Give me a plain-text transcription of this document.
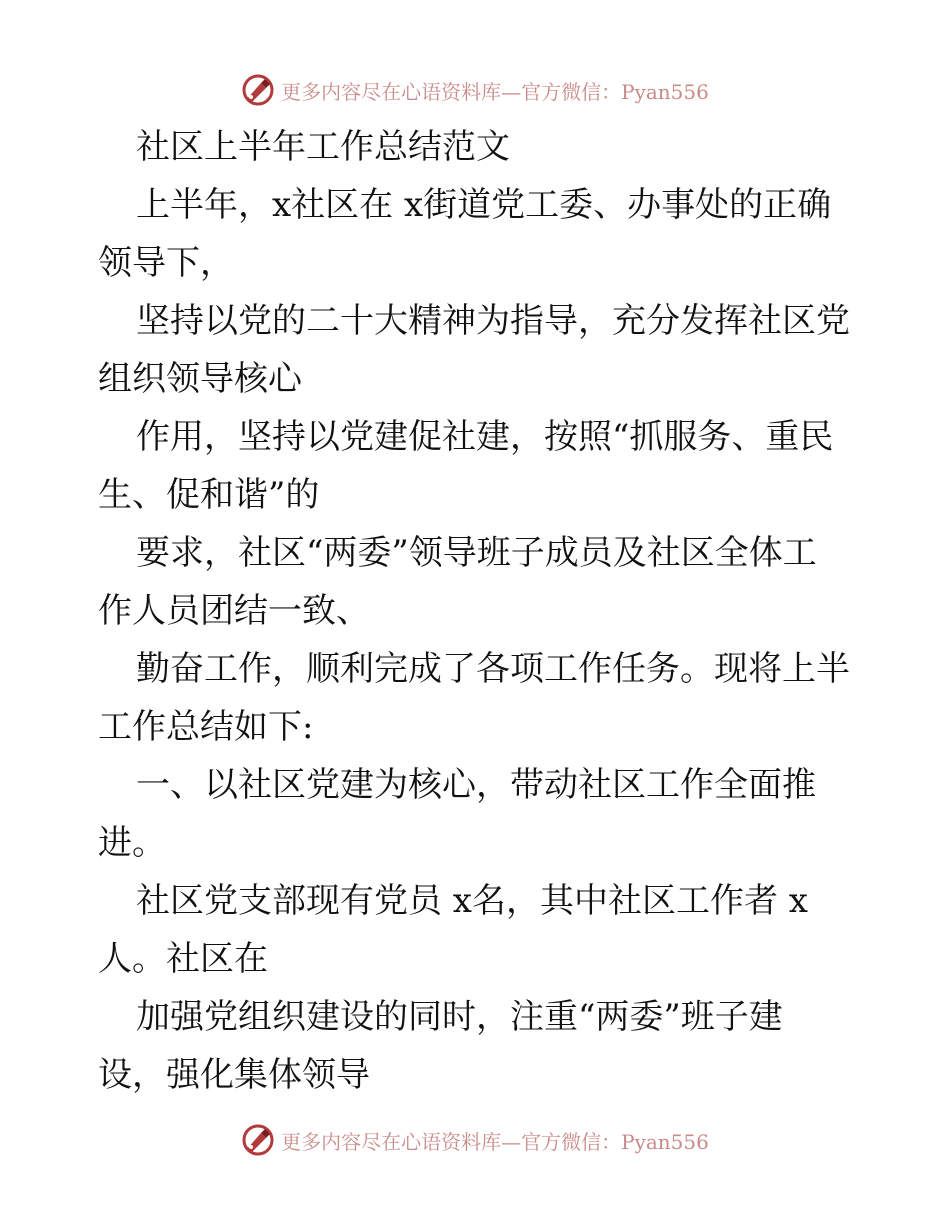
更多内容尽在心语资料库—官方微信：Pyan556
社区上半年工作总结范文
上半年，x社区在 x街道党工委、办事处的正确
领导下，
坚持以党的二十大精神为指导，充分发挥社区党
组织领导核心
作用，坚持以党建促社建，按照“抓服务、重民
生、促和谐”的
要求，社区“两委”领导班子成员及社区全体工
作人员团结一致、
勤奋工作，顺利完成了各项工作任务。现将上半
工作总结如下:
一、以社区党建为核心，带动社区工作全面推
进。
社区党支部现有党员 x名，其中社区工作者 x
人。社区在
加强党组织建设的同时，注重“两委”班子建
设，强化集体领导
更多内容尽在心语资料库—官方微信：Pyan556
